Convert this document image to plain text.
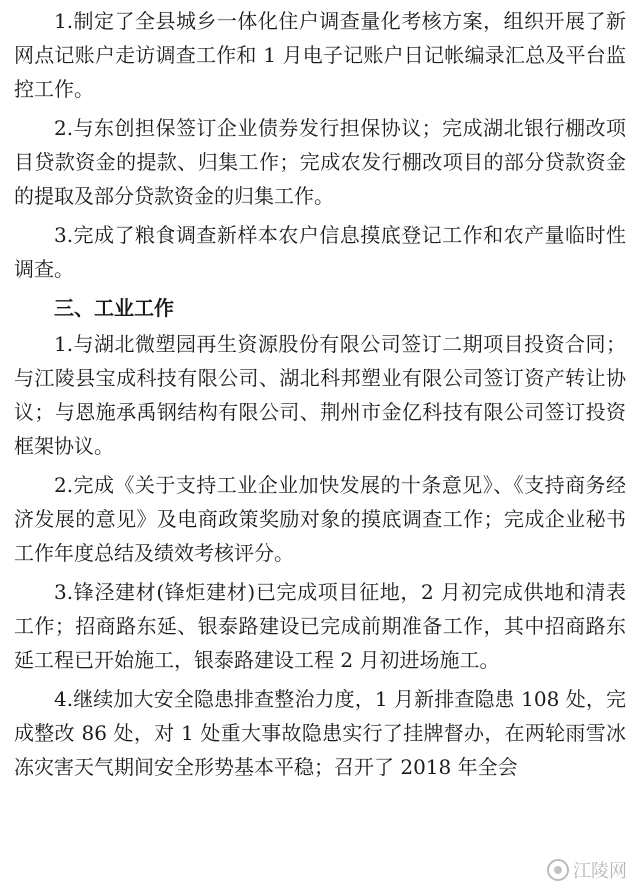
1.制定了全县城乡一体化住户调查量化考核方案，组织开展了新网点记账户走访调查工作和 1 月电子记账户日记帐编录汇总及平台监控工作。

2.与东创担保签订企业债券发行担保协议；完成湖北银行棚改项目贷款资金的提款、归集工作；完成农发行棚改项目的部分贷款资金的提取及部分贷款资金的归集工作。

3.完成了粮食调查新样本农户信息摸底登记工作和农产量临时性调查。

三、工业工作

1.与湖北微塑园再生资源股份有限公司签订二期项目投资合同；与江陵县宝成科技有限公司、湖北科邦塑业有限公司签订资产转让协议；与恩施承禹钢结构有限公司、荆州市金亿科技有限公司签订投资框架协议。

2.完成《关于支持工业企业加快发展的十条意见》、《支持商务经济发展的意见》及电商政策奖励对象的摸底调查工作；完成企业秘书工作年度总结及绩效考核评分。

3.锋泾建材(锋炬建材)已完成项目征地，2 月初完成供地和清表工作；招商路东延、银泰路建设已完成前期准备工作，其中招商路东延工程已开始施工，银泰路建设工程 2 月初进场施工。

4.继续加大安全隐患排查整治力度，1 月新排查隐患 108 处，完成整改 86 处，对 1 处重大事故隐患实行了挂牌督办，在两轮雨雪冰冻灾害天气期间安全形势基本平稳；召开了 2018 年全会

江陵网
